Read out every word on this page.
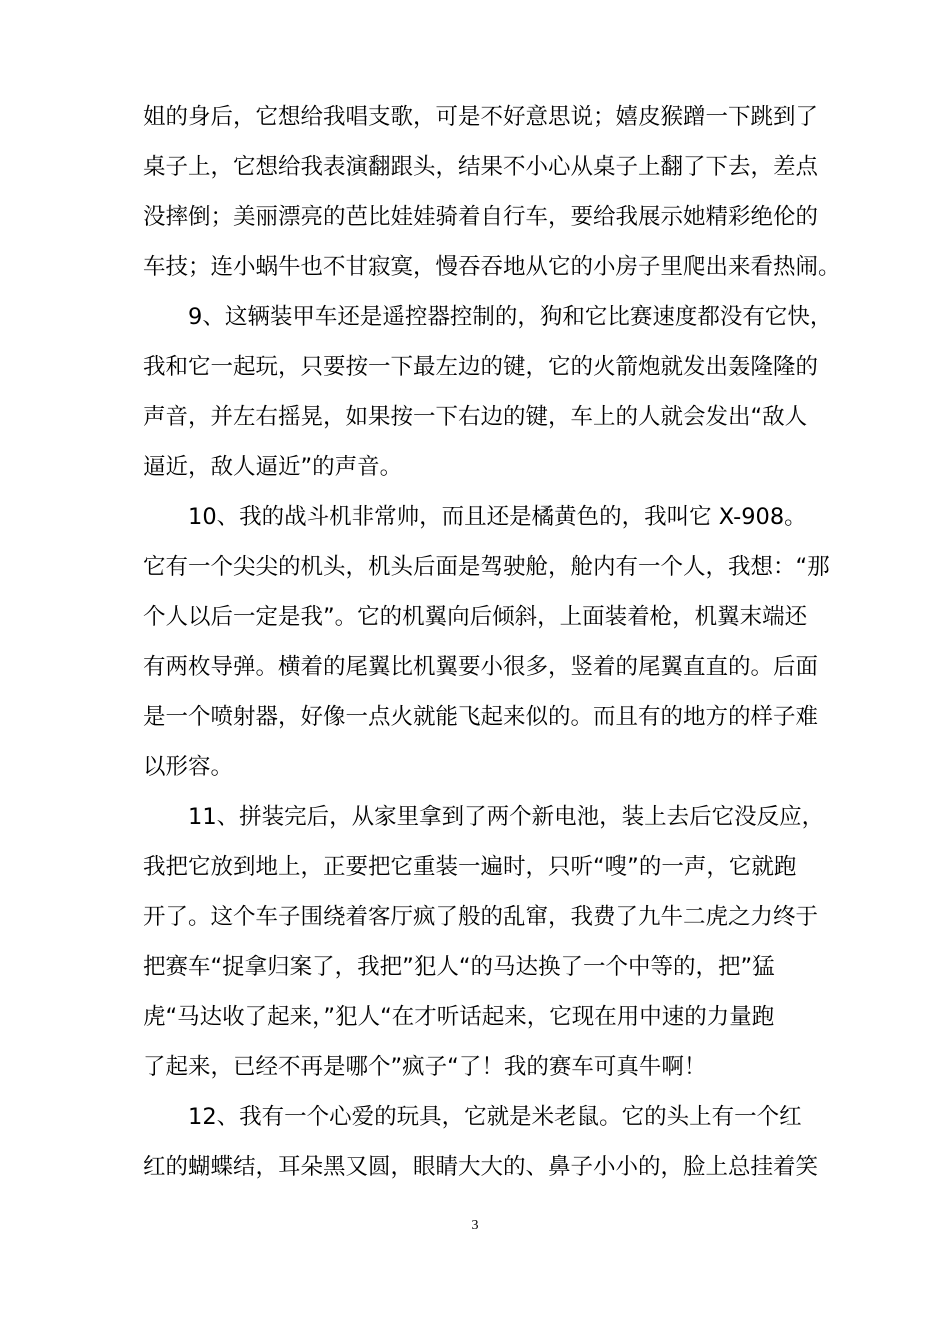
姐的身后，它想给我唱支歌，可是不好意思说；嬉皮猴蹭一下跳到了
桌子上，它想给我表演翻跟头，结果不小心从桌子上翻了下去，差点
没摔倒；美丽漂亮的芭比娃娃骑着自行车，要给我展示她精彩绝伦的
车技；连小蜗牛也不甘寂寞，慢吞吞地从它的小房子里爬出来看热闹。
9、这辆装甲车还是遥控器控制的，狗和它比赛速度都没有它快，
我和它一起玩，只要按一下最左边的键，它的火箭炮就发出轰隆隆的
声音，并左右摇晃，如果按一下右边的键，车上的人就会发出“敌人
逼近，敌人逼近”的声音。
10、我的战斗机非常帅，而且还是橘黄色的，我叫它 X-908。
它有一个尖尖的机头，机头后面是驾驶舱，舱内有一个人，我想：“那
个人以后一定是我”。它的机翼向后倾斜，上面装着枪，机翼末端还
有两枚导弹。横着的尾翼比机翼要小很多，竖着的尾翼直直的。后面
是一个喷射器，好像一点火就能飞起来似的。而且有的地方的样子难
以形容。
11、拼装完后，从家里拿到了两个新电池，装上去后它没反应，
我把它放到地上，正要把它重装一遍时，只听“嗖”的一声，它就跑
开了。这个车子围绕着客厅疯了般的乱窜，我费了九牛二虎之力终于
把赛车“捉拿归案了，我把”犯人“的马达换了一个中等的，把”猛
虎“马达收了起来，”犯人“在才听话起来，它现在用中速的力量跑
了起来，已经不再是哪个”疯子“了！我的赛车可真牛啊！
12、我有一个心爱的玩具，它就是米老鼠。它的头上有一个红
红的蝴蝶结，耳朵黑又圆，眼睛大大的、鼻子小小的，脸上总挂着笑
3
